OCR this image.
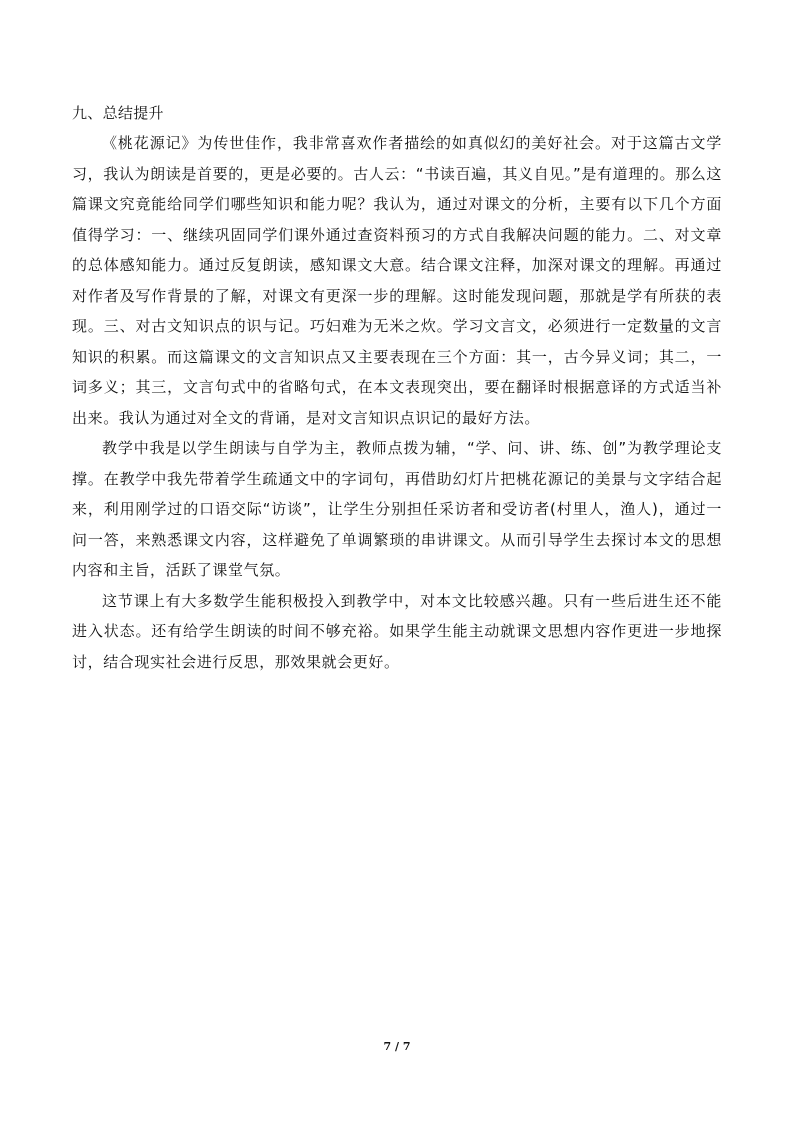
九、总结提升

《桃花源记》为传世佳作，我非常喜欢作者描绘的如真似幻的美好社会。对于这篇古文学习，我认为朗读是首要的，更是必要的。古人云：“书读百遍，其义自见。”是有道理的。那么这篇课文究竟能给同学们哪些知识和能力呢？我认为，通过对课文的分析，主要有以下几个方面值得学习：一、继续巩固同学们课外通过查资料预习的方式自我解决问题的能力。二、对文章的总体感知能力。通过反复朗读，感知课文大意。结合课文注释，加深对课文的理解。再通过对作者及写作背景的了解，对课文有更深一步的理解。这时能发现问题，那就是学有所获的表现。三、对古文知识点的识与记。巧妇难为无米之炊。学习文言文，必须进行一定数量的文言知识的积累。而这篇课文的文言知识点又主要表现在三个方面：其一，古今异义词；其二，一词多义；其三，文言句式中的省略句式，在本文表现突出，要在翻译时根据意译的方式适当补出来。我认为通过对全文的背诵，是对文言知识点识记的最好方法。

教学中我是以学生朗读与自学为主，教师点拨为辅，“学、问、讲、练、创”为教学理论支撑。在教学中我先带着学生疏通文中的字词句，再借助幻灯片把桃花源记的美景与文字结合起来，利用刚学过的口语交际“访谈”，让学生分别担任采访者和受访者(村里人，渔人)，通过一问一答，来熟悉课文内容，这样避免了单调繁琐的串讲课文。从而引导学生去探讨本文的思想内容和主旨，活跃了课堂气氛。

这节课上有大多数学生能积极投入到教学中，对本文比较感兴趣。只有一些后进生还不能进入状态。还有给学生朗读的时间不够充裕。如果学生能主动就课文思想内容作更进一步地探讨，结合现实社会进行反思，那效果就会更好。

7 / 7
